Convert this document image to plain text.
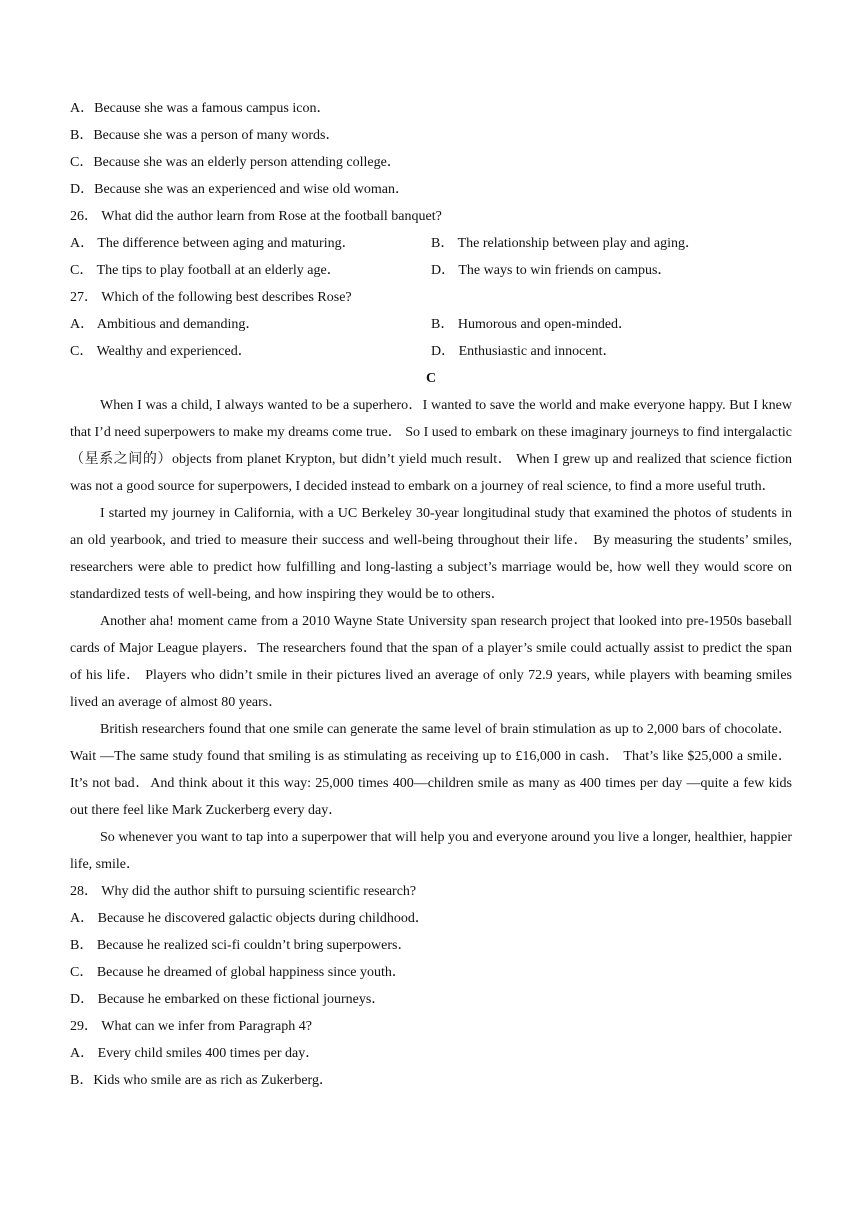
A．Because she was a famous campus icon．
B．Because she was a person of many words．
C．Because she was an elderly person attending college．
D．Because she was an experienced and wise old woman．
26． What did the author learn from Rose at the football banquet?
A． The difference between aging and maturing．	B． The relationship between play and aging．
C． The tips to play football at an elderly age．	D． The ways to win friends on campus．
27． Which of the following best describes Rose?
A． Ambitious and demanding．	B． Humorous and open-minded．
C． Wealthy and experienced．	D． Enthusiastic and innocent．
C

When I was a child, I always wanted to be a superhero．I wanted to save the world and make everyone happy. But I knew that I’d need superpowers to make my dreams come true． So I used to embark on these imaginary journeys to find intergalactic（星系之间的）objects from planet Krypton, but didn’t yield much result． When I grew up and realized that science fiction was not a good source for superpowers, I decided instead to embark on a journey of real science, to find a more useful truth．

I started my journey in California, with a UC Berkeley 30-year longitudinal study that examined the photos of students in an old yearbook, and tried to measure their success and well-being throughout their life． By measuring the students’ smiles, researchers were able to predict how fulfilling and long-lasting a subject’s marriage would be, how well they would score on standardized tests of well-being, and how inspiring they would be to others．

Another aha! moment came from a 2010 Wayne State University span research project that looked into pre-1950s baseball cards of Major League players．The researchers found that the span of a player’s smile could actually assist to predict the span of his life． Players who didn’t smile in their pictures lived an average of only 72.9 years, while players with beaming smiles lived an average of almost 80 years．

British researchers found that one smile can generate the same level of brain stimulation as up to 2,000 bars of chocolate．Wait —The same study found that smiling is as stimulating as receiving up to £16,000 in cash． That’s like $25,000 a smile．It’s not bad．And think about it this way: 25,000 times 400—children smile as many as 400 times per day —quite a few kids out there feel like Mark Zuckerberg every day．

So whenever you want to tap into a superpower that will help you and everyone around you live a longer, healthier, happier life, smile．

28． Why did the author shift to pursuing scientific research?
A． Because he discovered galactic objects during childhood．
B． Because he realized sci-fi couldn’t bring superpowers．
C． Because he dreamed of global happiness since youth．
D． Because he embarked on these fictional journeys．
29． What can we infer from Paragraph 4?
A． Every child smiles 400 times per day．
B．Kids who smile are as rich as Zukerberg．
